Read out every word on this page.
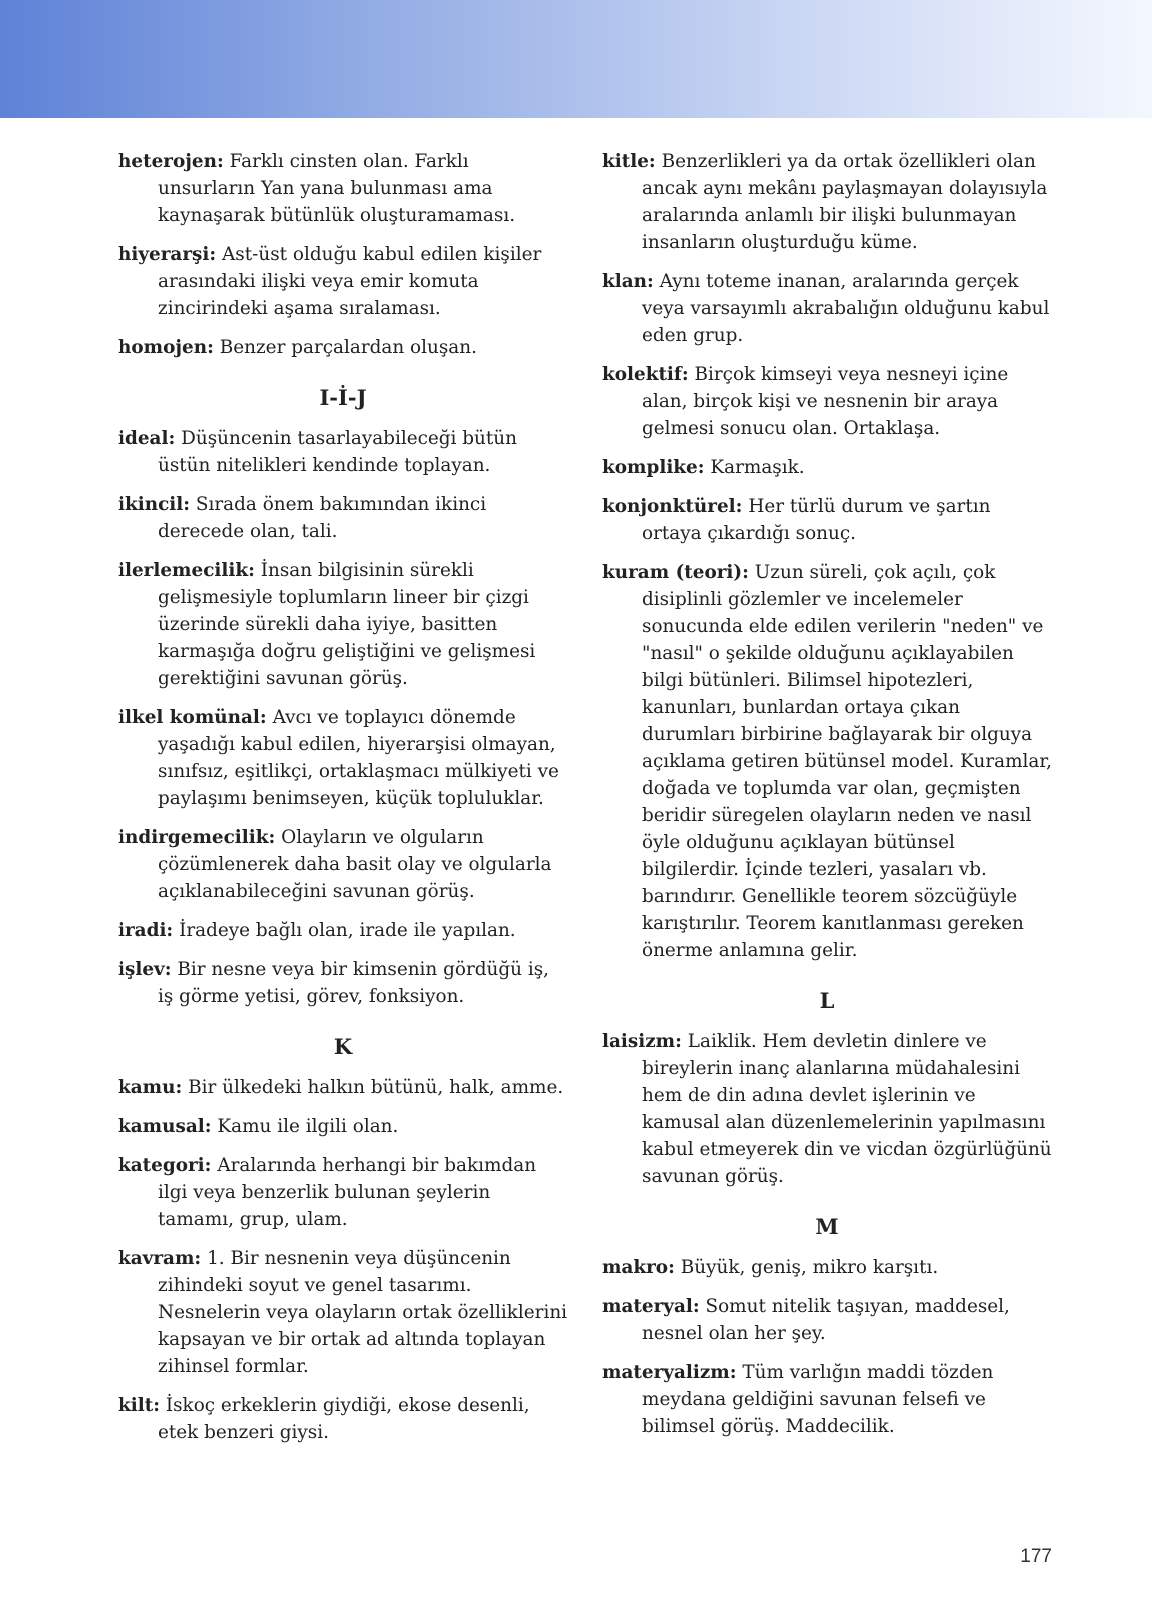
heterojen: Farklı cinsten olan. Farklı unsurların Yan yana bulunması ama kaynaşarak bütünlük oluşturamaması.

hiyerarşi: Ast-üst olduğu kabul edilen kişiler arasındaki ilişki veya emir komuta zincirindeki aşama sıralaması.

homojen: Benzer parçalardan oluşan.

I-İ-J

ideal: Düşüncenin tasarlayabileceği bütün üstün nitelikleri kendinde toplayan.

ikincil: Sırada önem bakımından ikinci derecede olan, tali.

ilerlemecilik: İnsan bilgisinin sürekli gelişmesiyle toplumların lineer bir çizgi üzerinde sürekli daha iyiye, basitten karmaşığa doğru geliştiğini ve gelişmesi gerektiğini savunan görüş.

ilkel komünal: Avcı ve toplayıcı dönemde yaşadığı kabul edilen, hiyerarşisi olmayan, sınıfsız, eşitlikçi, ortaklaşmacı mülkiyeti ve paylaşımı benimseyen, küçük topluluklar.

indirgemecilik: Olayların ve olguların çözümlenerek daha basit olay ve olgularla açıklanabileceğini savunan görüş.

iradi: İradeye bağlı olan, irade ile yapılan.

işlev: Bir nesne veya bir kimsenin gördüğü iş, iş görme yetisi, görev, fonksiyon.

K

kamu: Bir ülkedeki halkın bütünü, halk, amme.

kamusal: Kamu ile ilgili olan.

kategori: Aralarında herhangi bir bakımdan ilgi veya benzerlik bulunan şeylerin tamamı, grup, ulam.

kavram: 1. Bir nesnenin veya düşüncenin zihindeki soyut ve genel tasarımı. Nesnelerin veya olayların ortak özelliklerini kapsayan ve bir ortak ad altında toplayan zihinsel formlar.

kilt: İskoç erkeklerin giydiği, ekose desenli, etek benzeri giysi.

kitle: Benzerlikleri ya da ortak özellikleri olan ancak aynı mekânı paylaşmayan dolayısıyla aralarında anlamlı bir ilişki bulunmayan insanların oluşturduğu küme.

klan: Aynı toteme inanan, aralarında gerçek veya varsayımlı akrabalığın olduğunu kabul eden grup.

kolektif: Birçok kimseyi veya nesneyi içine alan, birçok kişi ve nesnenin bir araya gelmesi sonucu olan. Ortaklaşa.

komplike: Karmaşık.

konjonktürel: Her türlü durum ve şartın ortaya çıkardığı sonuç.

kuram (teori): Uzun süreli, çok açılı, çok disiplinli gözlemler ve incelemeler sonucunda elde edilen verilerin "neden" ve "nasıl" o şekilde olduğunu açıklayabilen bilgi bütünleri. Bilimsel hipotezleri, kanunları, bunlardan ortaya çıkan durumları birbirine bağlayarak bir olguya açıklama getiren bütünsel model. Kuramlar, doğada ve toplumda var olan, geçmişten beridir süregelen olayların neden ve nasıl öyle olduğunu açıklayan bütünsel bilgilerdir. İçinde tezleri, yasaları vb. barındırır. Genellikle teorem sözcüğüyle karıştırılır. Teorem kanıtlanması gereken önerme anlamına gelir.

L

laisizm: Laiklik. Hem devletin dinlere ve bireylerin inanç alanlarına müdahalesini hem de din adına devlet işlerinin ve kamusal alan düzenlemelerinin yapılmasını kabul etmeyerek din ve vicdan özgürlüğünü savunan görüş.

M

makro: Büyük, geniş, mikro karşıtı.

materyal: Somut nitelik taşıyan, maddesel, nesnel olan her şey.

materyalizm: Tüm varlığın maddi tözden meydana geldiğini savunan felsefi ve bilimsel görüş. Maddecilik.

177
